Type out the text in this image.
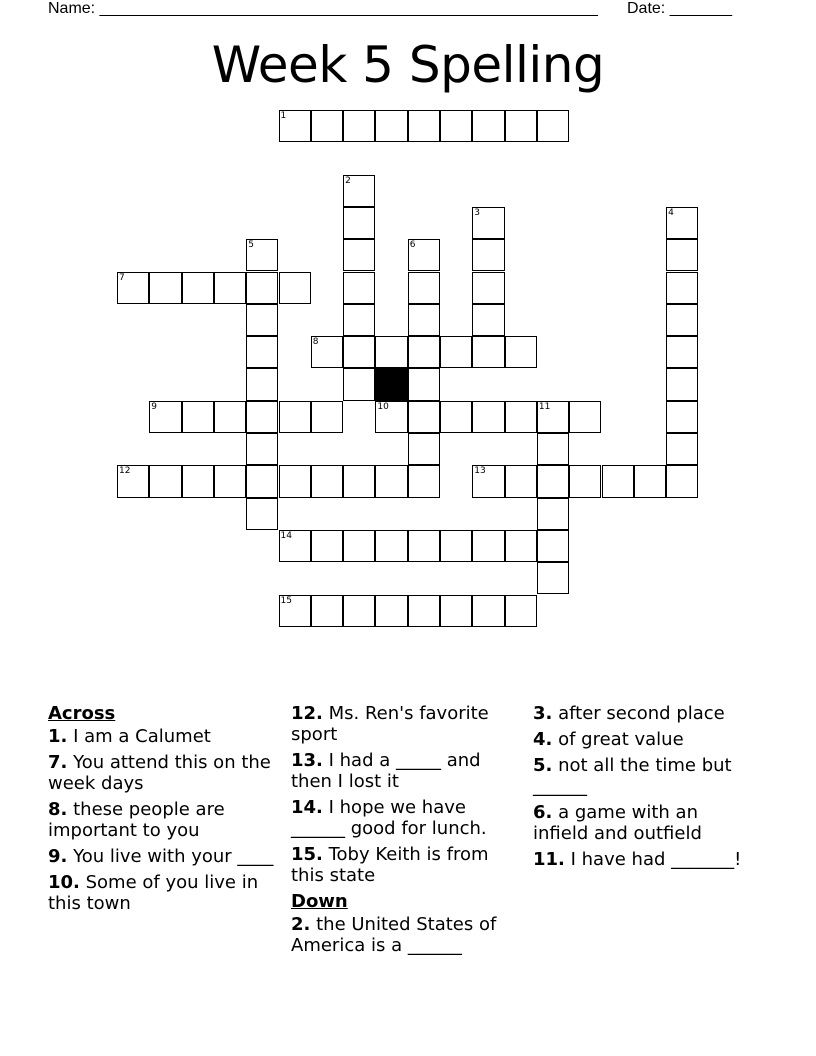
Name: ________________________________________________________ Date: _______
Week 5 Spelling
1
2
3	4
5	6
7
8
9	10	11
12	13
14
15
Across
1. I am a Calumet
7. You attend this on the week days
8. these people are important to you
9. You live with your ____
10. Some of you live in this town
12. Ms. Ren's favorite sport
13. I had a _____ and then I lost it
14. I hope we have ______ good for lunch.
15. Toby Keith is from this state
Down
2. the United States of America is a ______
3. after second place
4. of great value
5. not all the time but ______
6. a game with an infield and outfield
11. I have had _______!
